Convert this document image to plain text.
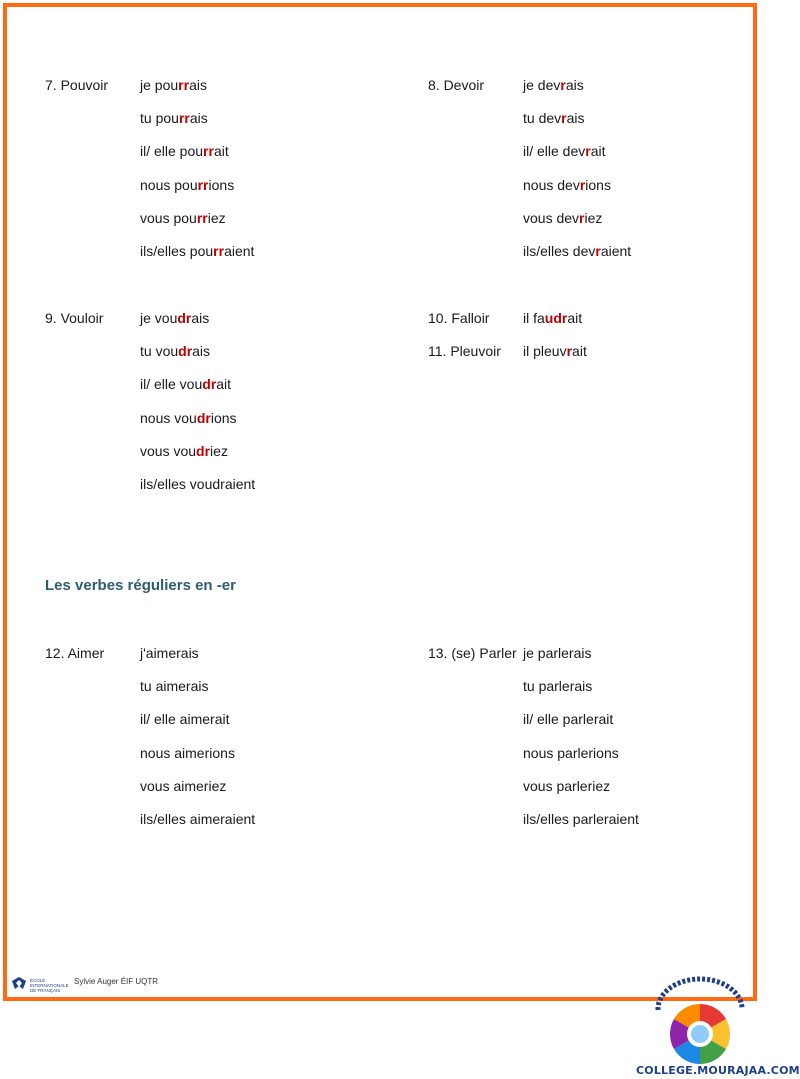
7. Pouvoir je pourrais
tu pourrais
il/ elle pourrait
nous pourrions
vous pourriez
ils/elles pourraient
8. Devoir	je devrais
tu devrais
il/ elle devrait
nous devrions
vous devriez
ils/elles devraient
9. Vouloir	je voudrais
tu voudrais
il/ elle voudrait
nous voudrions
vous voudriez
ils/elles voudraient
10. Falloir il faudrait
11. Pleuvoir il pleuvrait
12. Aimer	j'aimerais
tu aimerais
il/ elle aimerait
nous aimerions
vous aimeriez
ils/elles aimeraient
13. (se) Parler je parlerais
tu parlerais
il/ elle parlerait
nous parlerions
vous parleriez
ils/elles parleraient
Les verbes réguliers en -er
ÉCOLE
INTERNATIONALE
DE FRANÇAIS
Sylvie Auger ÉIF UQTR
COLLEGE.MOURAJAA.COM
